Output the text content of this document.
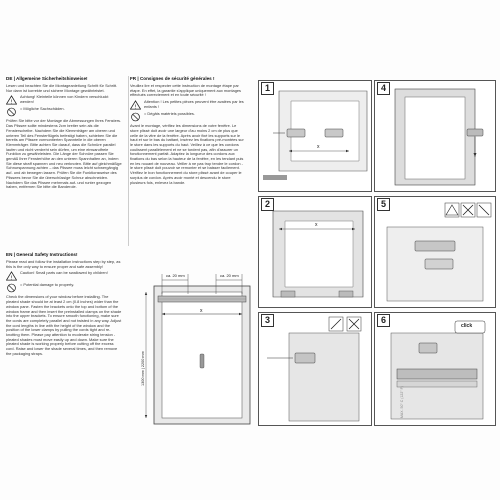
DE | Allgemeine Sicherheitshinweise!

Lesen und beachten Sie die Montageanleitung Schritt für Schritt. Nur dann ist korrekte und sichere Montage gewährleistet.

!
Achtung! Kleinteile können von Kindern verschluckt werden!
= Mögliche Sachschäden.

Prüfen Sie bitte vor der Montage die Abmessungen Ihres Fensters. Das Plissee sollte mindestens 2cm breiter sein als die Fensterscheibe. Nachdem Sie die Klemmträger am oberen und unteren Teil des Fensterflügels befestigt haben, schieben Sie die bereits am Plissee vormontierten Spannteile in die oberen Klemmträger. Bitte achten Sie darauf, dass die Schnüre parallel laufen und nicht verdreht sein dürfen, um eine einwandfreie Funktion zu gewährleisten. Die Länge der Schnüre passen Sie gemäß Ihrer Fensterhöhe an den unteren Spannhalten an, indem Sie diese straff spannen und neu verknoten. Bitte auf gleichmäßige Schnurspannung achten – das Plissee muss leicht schwergängig auf- und ab bewegen lassen. Prüfen Sie die Funktionsweise des Plissees bevor Sie die überschüssige Schnur abschneiden. Nachdem Sie das Plissee mehrmals auf- und runter gezogen haben, entfernen Sie bitte die Banderole.

FR | Consignes de sécurité générales !

Veuillez lire et respecter cette instruction de montage étape par étape. En effet, la garantie s'applique uniquement aux montages effectués correctement et en toute sécurité !

!
Attention ! Les petites pièces peuvent être avalées par les enfants !
= Dégâts matériels possibles.

Avant le montage, vérifiez les dimensions de votre fenêtre. Le store plissé doit avoir une largeur d'au moins 2 cm de plus que celle de la vitre de la fenêtre. Après avoir fixé les supports sur le haut et sur le bas du battant, insérez les fixations pré-montées sur le store dans les supports du haut. Veillez à ce que les cordons coulissent parallèlement et ne se tordent pas, afin d'assurer un fonctionnement parfait. Adaptez la longueur des cordons aux fixations du bas selon la hauteur de la fenêtre, en les tendant puis en les nouant de nouveau. Veiller à ne pas trop tendre le cordon - le store plissé doit pouvoir se remonter et se baisser facilement. Vérifiez le bon fonctionnement du store plissé avant de couper le surplus de cordon. Après avoir monté et descendu le store plusieurs fois, enlevez la bande.

EN | General Safety Instructions!

Please read and follow the installation instructions step by step, as this is the only way to ensure proper and safe assembly!

!
Caution! Small parts can be swallowed by children!
= Potential damage to property.

Check the dimensions of your window before installing. The pleated shade should be at least 2 cm (0.8 inches) wider than the window pane. Fasten the brackets onto the top and bottom of the window frame and then insert the preinstalled clamps on the shade into the upper brackets. To ensure smooth functioning, make sure the cords are completely parallel and not twisted in any way. Adjust the cord lengths in line with the height of the window and the position of the lower clamps by pulling the cords tight and re-knotting them. Please pay attention to moderate string tension - pleated shades must move easily up and down. Make sure the pleated shade is working properly before cutting off the excess cord. Raise and lower the shade several times, and then remove the packaging straps.

ca. 20 mm	ca. 20 mm
x
1300 mm | 2200 mm
1
x
4
2
x
5
3	6
click
MAX. 50° C (122° F)
